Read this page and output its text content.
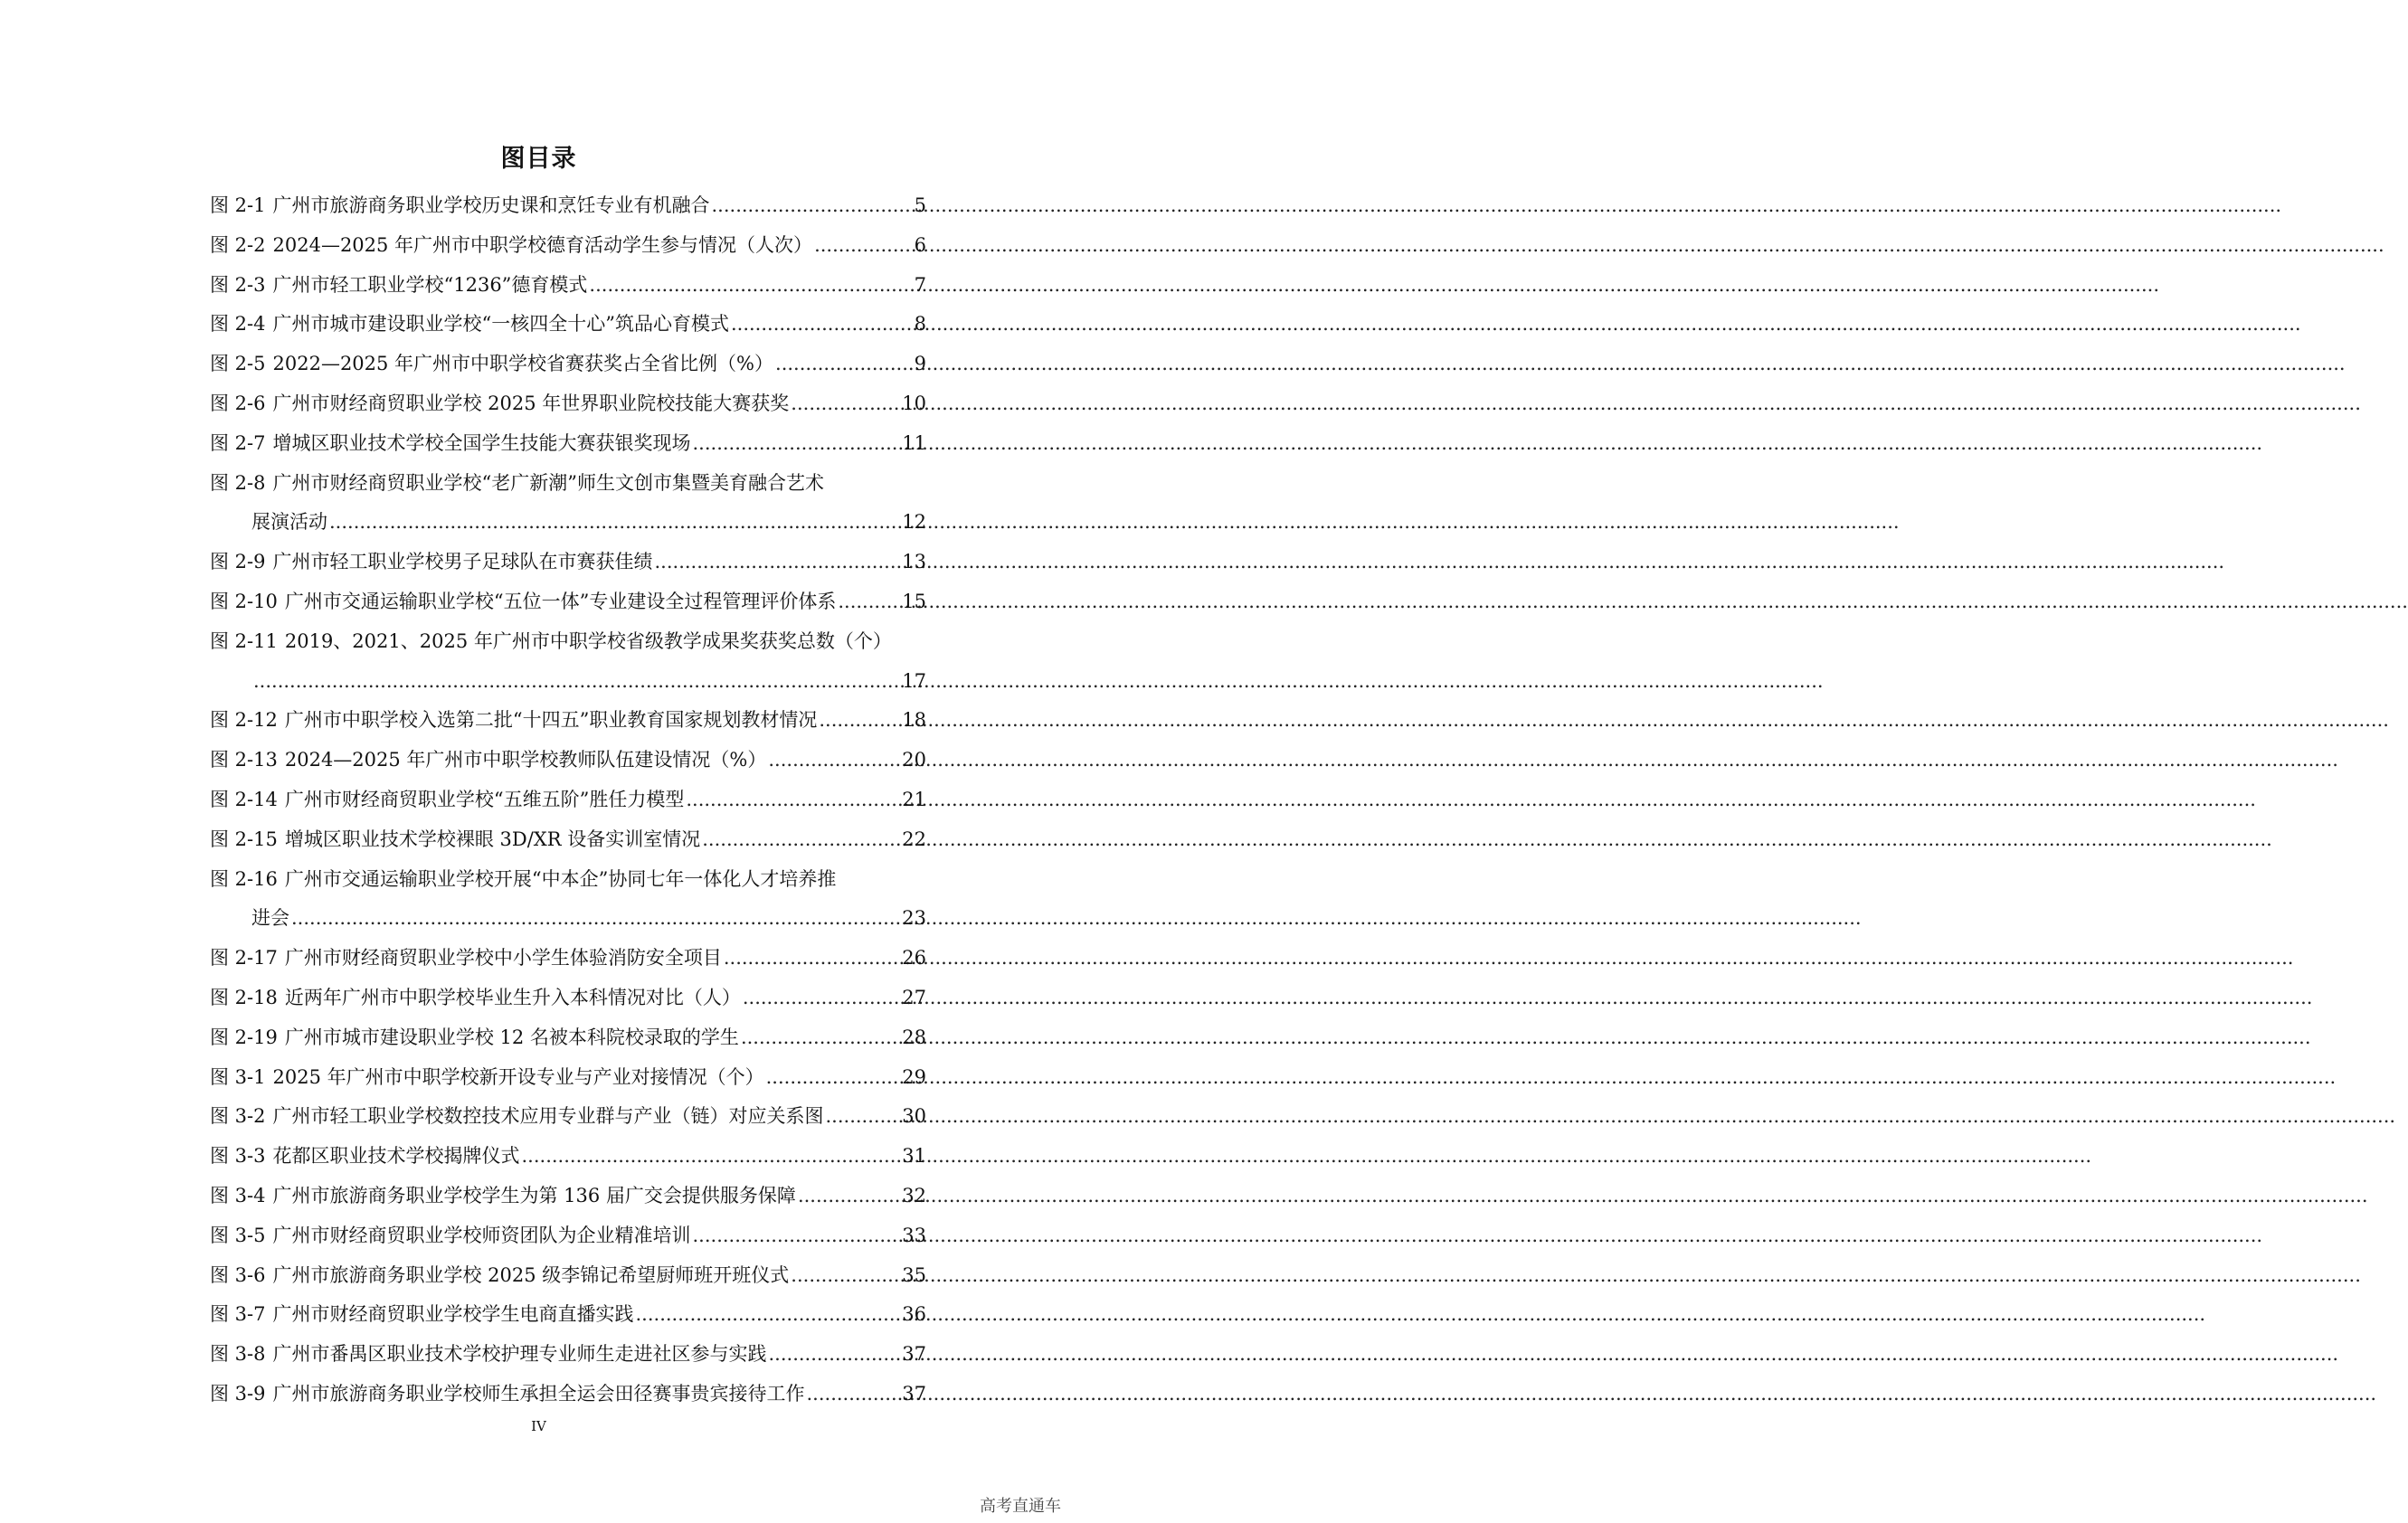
图目录
图 2-1 广州市旅游商务职业学校历史课和烹饪专业有机融合 .....	5
图 2-2 2024—2025 年广州市中职学校德育活动学生参与情况（人次） .....	6
图 2-3 广州市轻工职业学校“1236”德育模式 .....	7
图 2-4 广州市城市建设职业学校“一核四全十心”筑品心育模式 .....	8
图 2-5 2022—2025 年广州市中职学校省赛获奖占全省比例（%） .....	9
图 2-6 广州市财经商贸职业学校 2025 年世界职业院校技能大赛获奖 .....	10
图 2-7 增城区职业技术学校全国学生技能大赛获银奖现场 .....	11
图 2-8 广州市财经商贸职业学校“老广新潮”师生文创市集暨美育融合艺术
展演活动 .....	12
图 2-9 广州市轻工职业学校男子足球队在市赛获佳绩 .....	13
图 2-10 广州市交通运输职业学校“五位一体”专业建设全过程管理评价体系 .....	15
图 2-11 2019、2021、2025 年广州市中职学校省级教学成果奖获奖总数（个）
.....
17
图 2-12 广州市中职学校入选第二批“十四五”职业教育国家规划教材情况 .....	18
图 2-13 2024—2025 年广州市中职学校教师队伍建设情况（%） .....	20
图 2-14 广州市财经商贸职业学校“五维五阶”胜任力模型 .....	21
图 2-15 增城区职业技术学校裸眼 3D/XR 设备实训室情况 .....	22
图 2-16 广州市交通运输职业学校开展“中本企”协同七年一体化人才培养推
进会 .....	23
图 2-17 广州市财经商贸职业学校中小学生体验消防安全项目 .....	26
图 2-18 近两年广州市中职学校毕业生升入本科情况对比（人） .....	27
图 2-19 广州市城市建设职业学校 12 名被本科院校录取的学生 .....	28
图 3-1 2025 年广州市中职学校新开设专业与产业对接情况（个） .....	29
图 3-2 广州市轻工职业学校数控技术应用专业群与产业（链）对应关系图 .....	30
图 3-3 花都区职业技术学校揭牌仪式 .....	31
图 3-4 广州市旅游商务职业学校学生为第 136 届广交会提供服务保障 .....	32
图 3-5 广州市财经商贸职业学校师资团队为企业精准培训 .....	33
图 3-6 广州市旅游商务职业学校 2025 级李锦记希望厨师班开班仪式 .....	35
图 3-7 广州市财经商贸职业学校学生电商直播实践 .....	36
图 3-8 广州市番禺区职业技术学校护理专业师生走进社区参与实践 .....	37
图 3-9 广州市旅游商务职业学校师生承担全运会田径赛事贵宾接待工作 .....	37
IV
高考直通车
